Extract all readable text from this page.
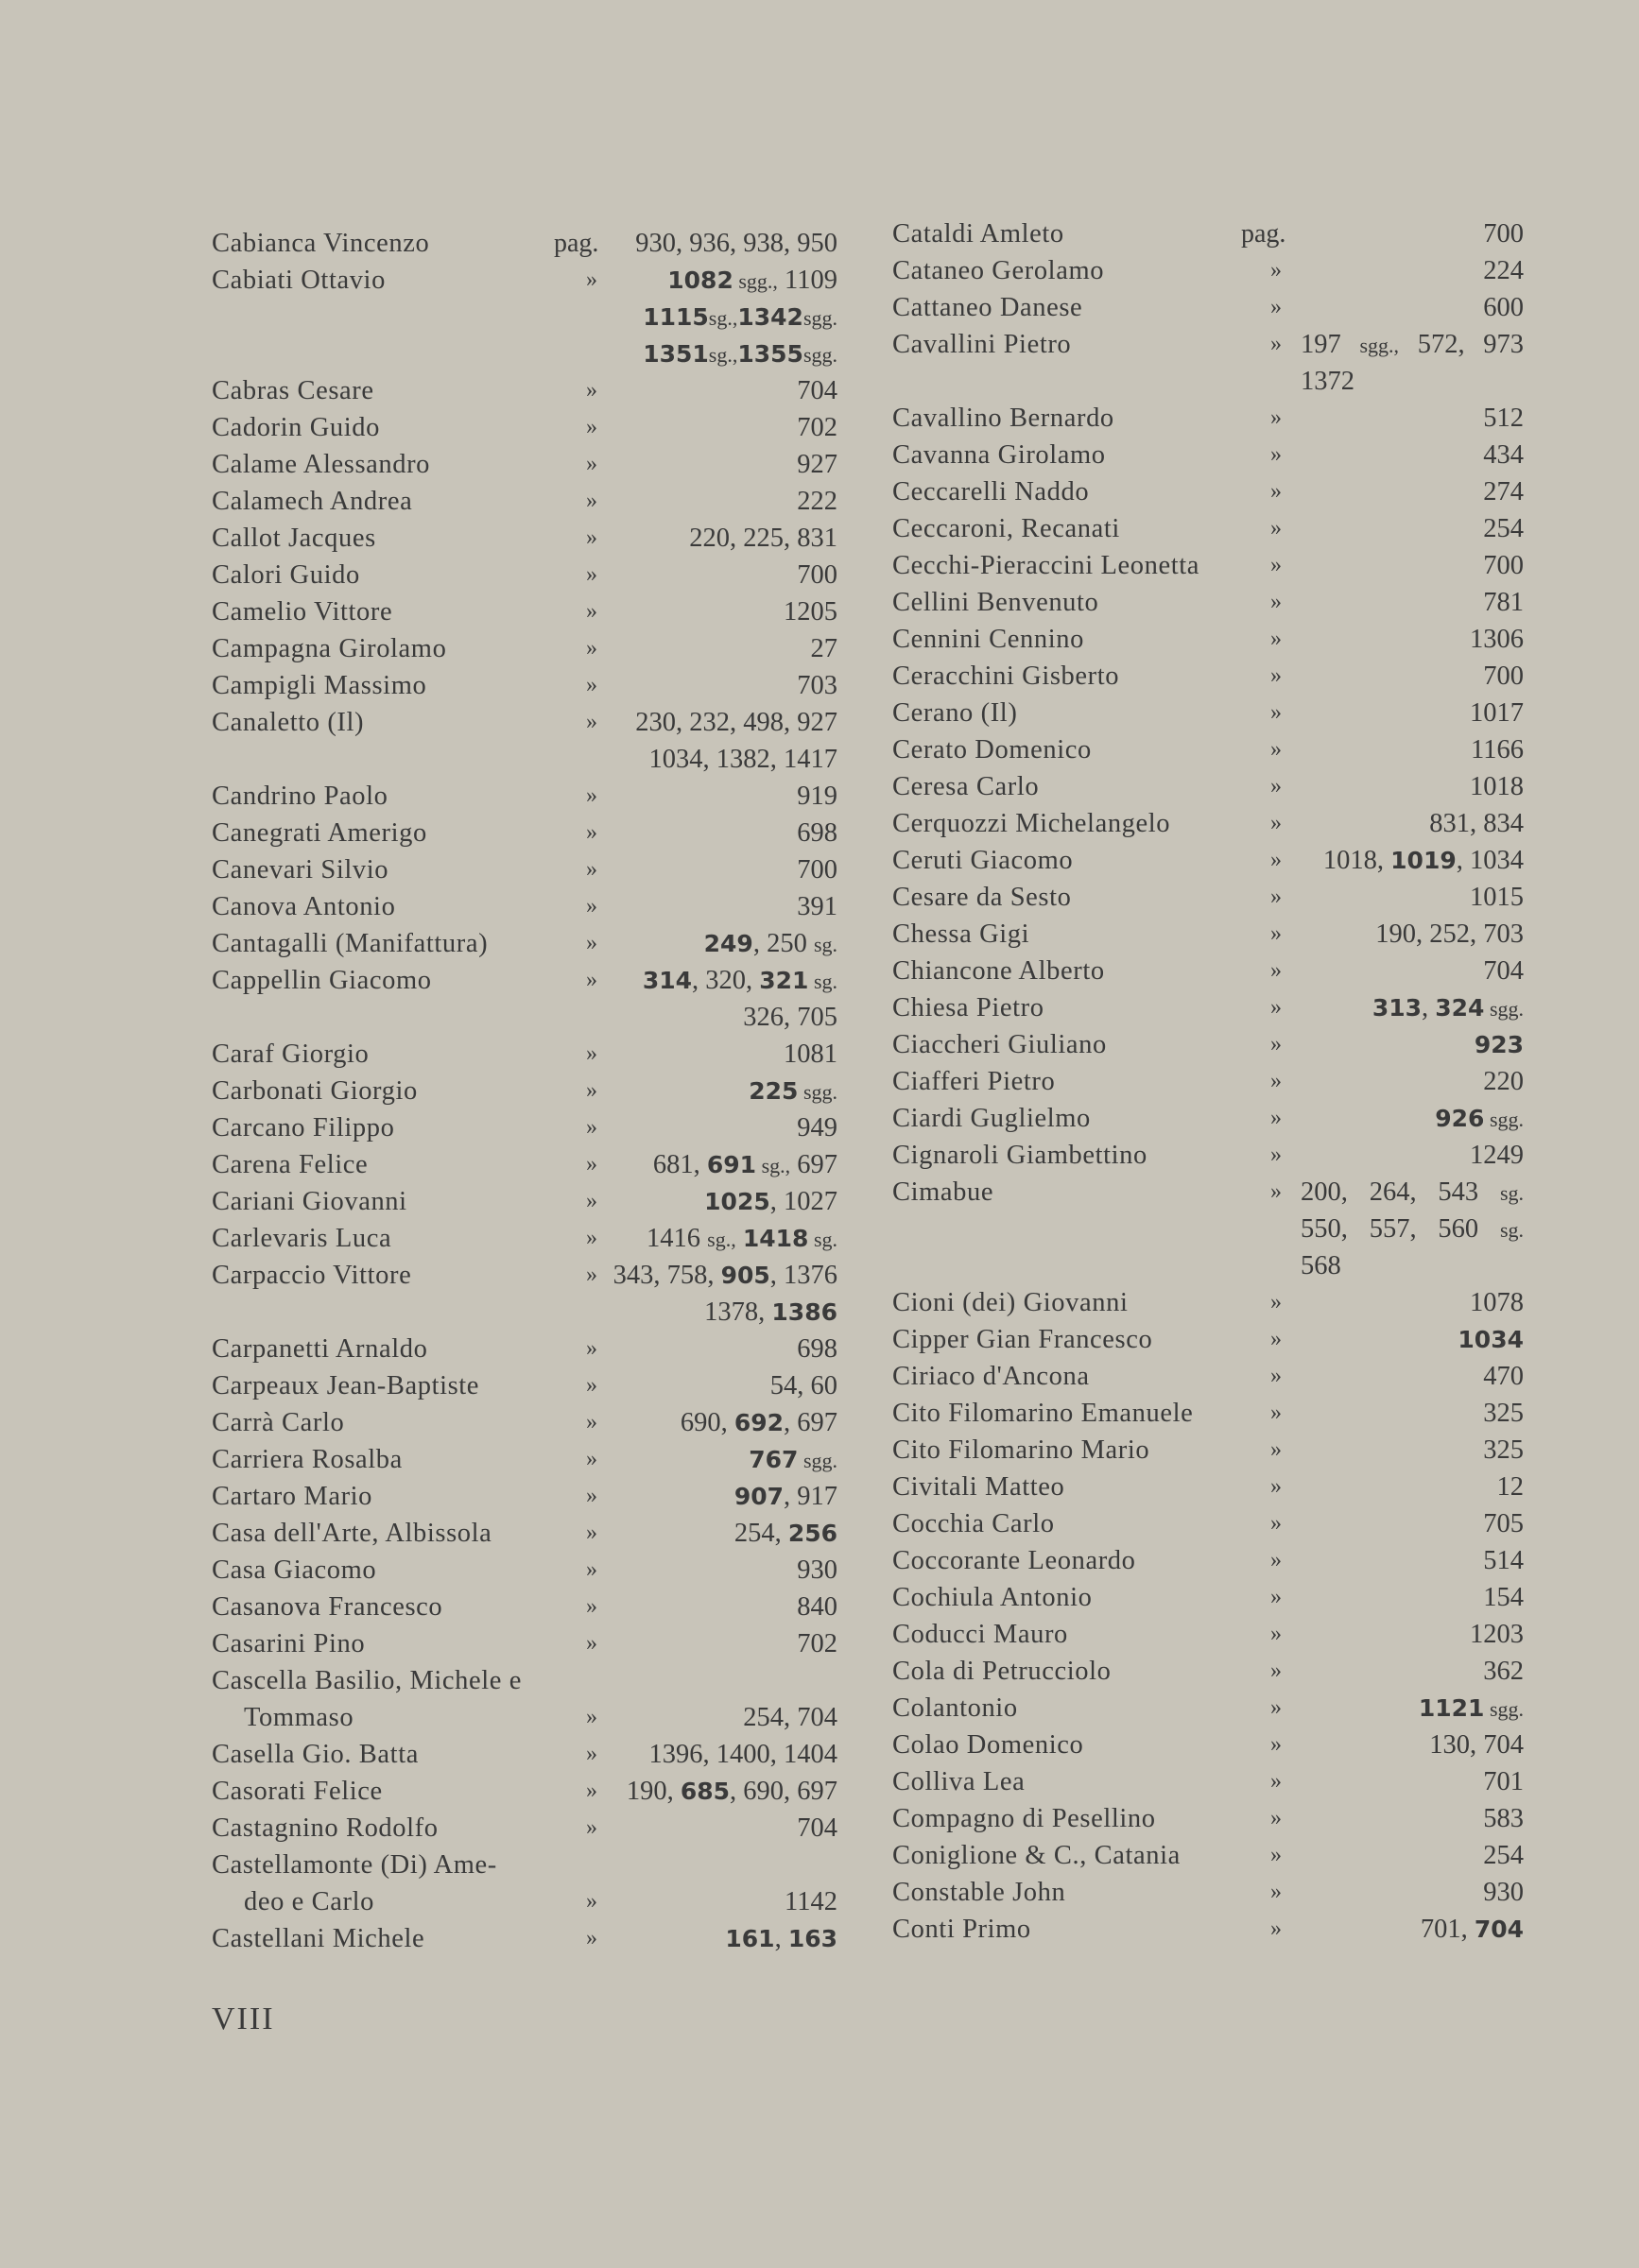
Cabianca Vincenzo	pag.	930, 936, 938, 950
Cabiati Ottavio	»	1082 sgg., 1109
1115sg.,1342sgg.
1351sg.,1355sgg.
Cabras Cesare	»	704
Cadorin Guido	»	702
Calame Alessandro	»	927
Calamech Andrea	»	222
Callot Jacques	»	220, 225, 831
Calori Guido	»	700
Camelio Vittore	»	1205
Campagna Girolamo	»	27
Campigli Massimo	»	703
Canaletto (Il)	»	230, 232, 498, 927
1034, 1382, 1417
Candrino Paolo	»	919
Canegrati Amerigo	»	698
Canevari Silvio	»	700
Canova Antonio	»	391
Cantagalli (Manifattura)	»	249, 250 sg.
Cappellin Giacomo	»	314, 320, 321 sg.
326, 705
Caraf Giorgio	»	1081
Carbonati Giorgio	»	225 sgg.
Carcano Filippo	»	949
Carena Felice	»	681, 691 sg., 697
Cariani Giovanni	»	1025, 1027
Carlevaris Luca	»	1416 sg., 1418 sg.
Carpaccio Vittore	» 343, 758, 905, 1376
1378, 1386
Carpanetti Arnaldo	»	698
Carpeaux Jean-Baptiste	»	54, 60
Carrà Carlo	»	690, 692, 697
Carriera Rosalba	»	767 sgg.
Cartaro Mario	»	907, 917
Casa dell'Arte, Albissola	»	254, 256
Casa Giacomo	»	930
Casanova Francesco	»	840
Casarini Pino	»	702
Cascella Basilio, Michele e
Tommaso	»	254, 704
Casella Gio. Batta	»	1396, 1400, 1404
Casorati Felice	»	190, 685, 690, 697
Castagnino Rodolfo	»	704
Castellamonte (Di) Ame-
deo e Carlo	»	1142
Castellani Michele	»	161, 163
Cataldi Amleto	pag.	700
Cataneo Gerolamo	»	224
Cattaneo Danese	»	600
Cavallini Pietro	» 197 sgg., 572, 973
1372
Cavallino Bernardo	»	512
Cavanna Girolamo	»	434
Ceccarelli Naddo	»	274
Ceccaroni, Recanati	»	254
Cecchi-Pieraccini Leonetta	»	700
Cellini Benvenuto	»	781
Cennini Cennino	»	1306
Ceracchini Gisberto	»	700
Cerano (Il)	»	1017
Cerato Domenico	»	1166
Ceresa Carlo	»	1018
Cerquozzi Michelangelo	»	831, 834
Ceruti Giacomo	»	1018, 1019, 1034
Cesare da Sesto	»	1015
Chessa Gigi	»	190, 252, 703
Chiancone Alberto	»	704
Chiesa Pietro	»	313, 324 sgg.
Ciaccheri Giuliano	»	923
Ciafferi Pietro	»	220
Ciardi Guglielmo	»	926 sgg.
Cignaroli Giambettino	»	1249
Cimabue	» 200, 264, 543 sg.
550, 557, 560 sg.
568
Cioni (dei) Giovanni	»	1078
Cipper Gian Francesco	»	1034
Ciriaco d'Ancona	»	470
Cito Filomarino Emanuele	»	325
Cito Filomarino Mario	»	325
Civitali Matteo	»	12
Cocchia Carlo	»	705
Coccorante Leonardo	»	514
Cochiula Antonio	»	154
Coducci Mauro	»	1203
Cola di Petrucciolo	»	362
Colantonio	»	1121 sgg.
Colao Domenico	»	130, 704
Colliva Lea	»	701
Compagno di Pesellino	»	583
Coniglione & C., Catania	»	254
Constable John	»	930
Conti Primo	»	701, 704
VIII
